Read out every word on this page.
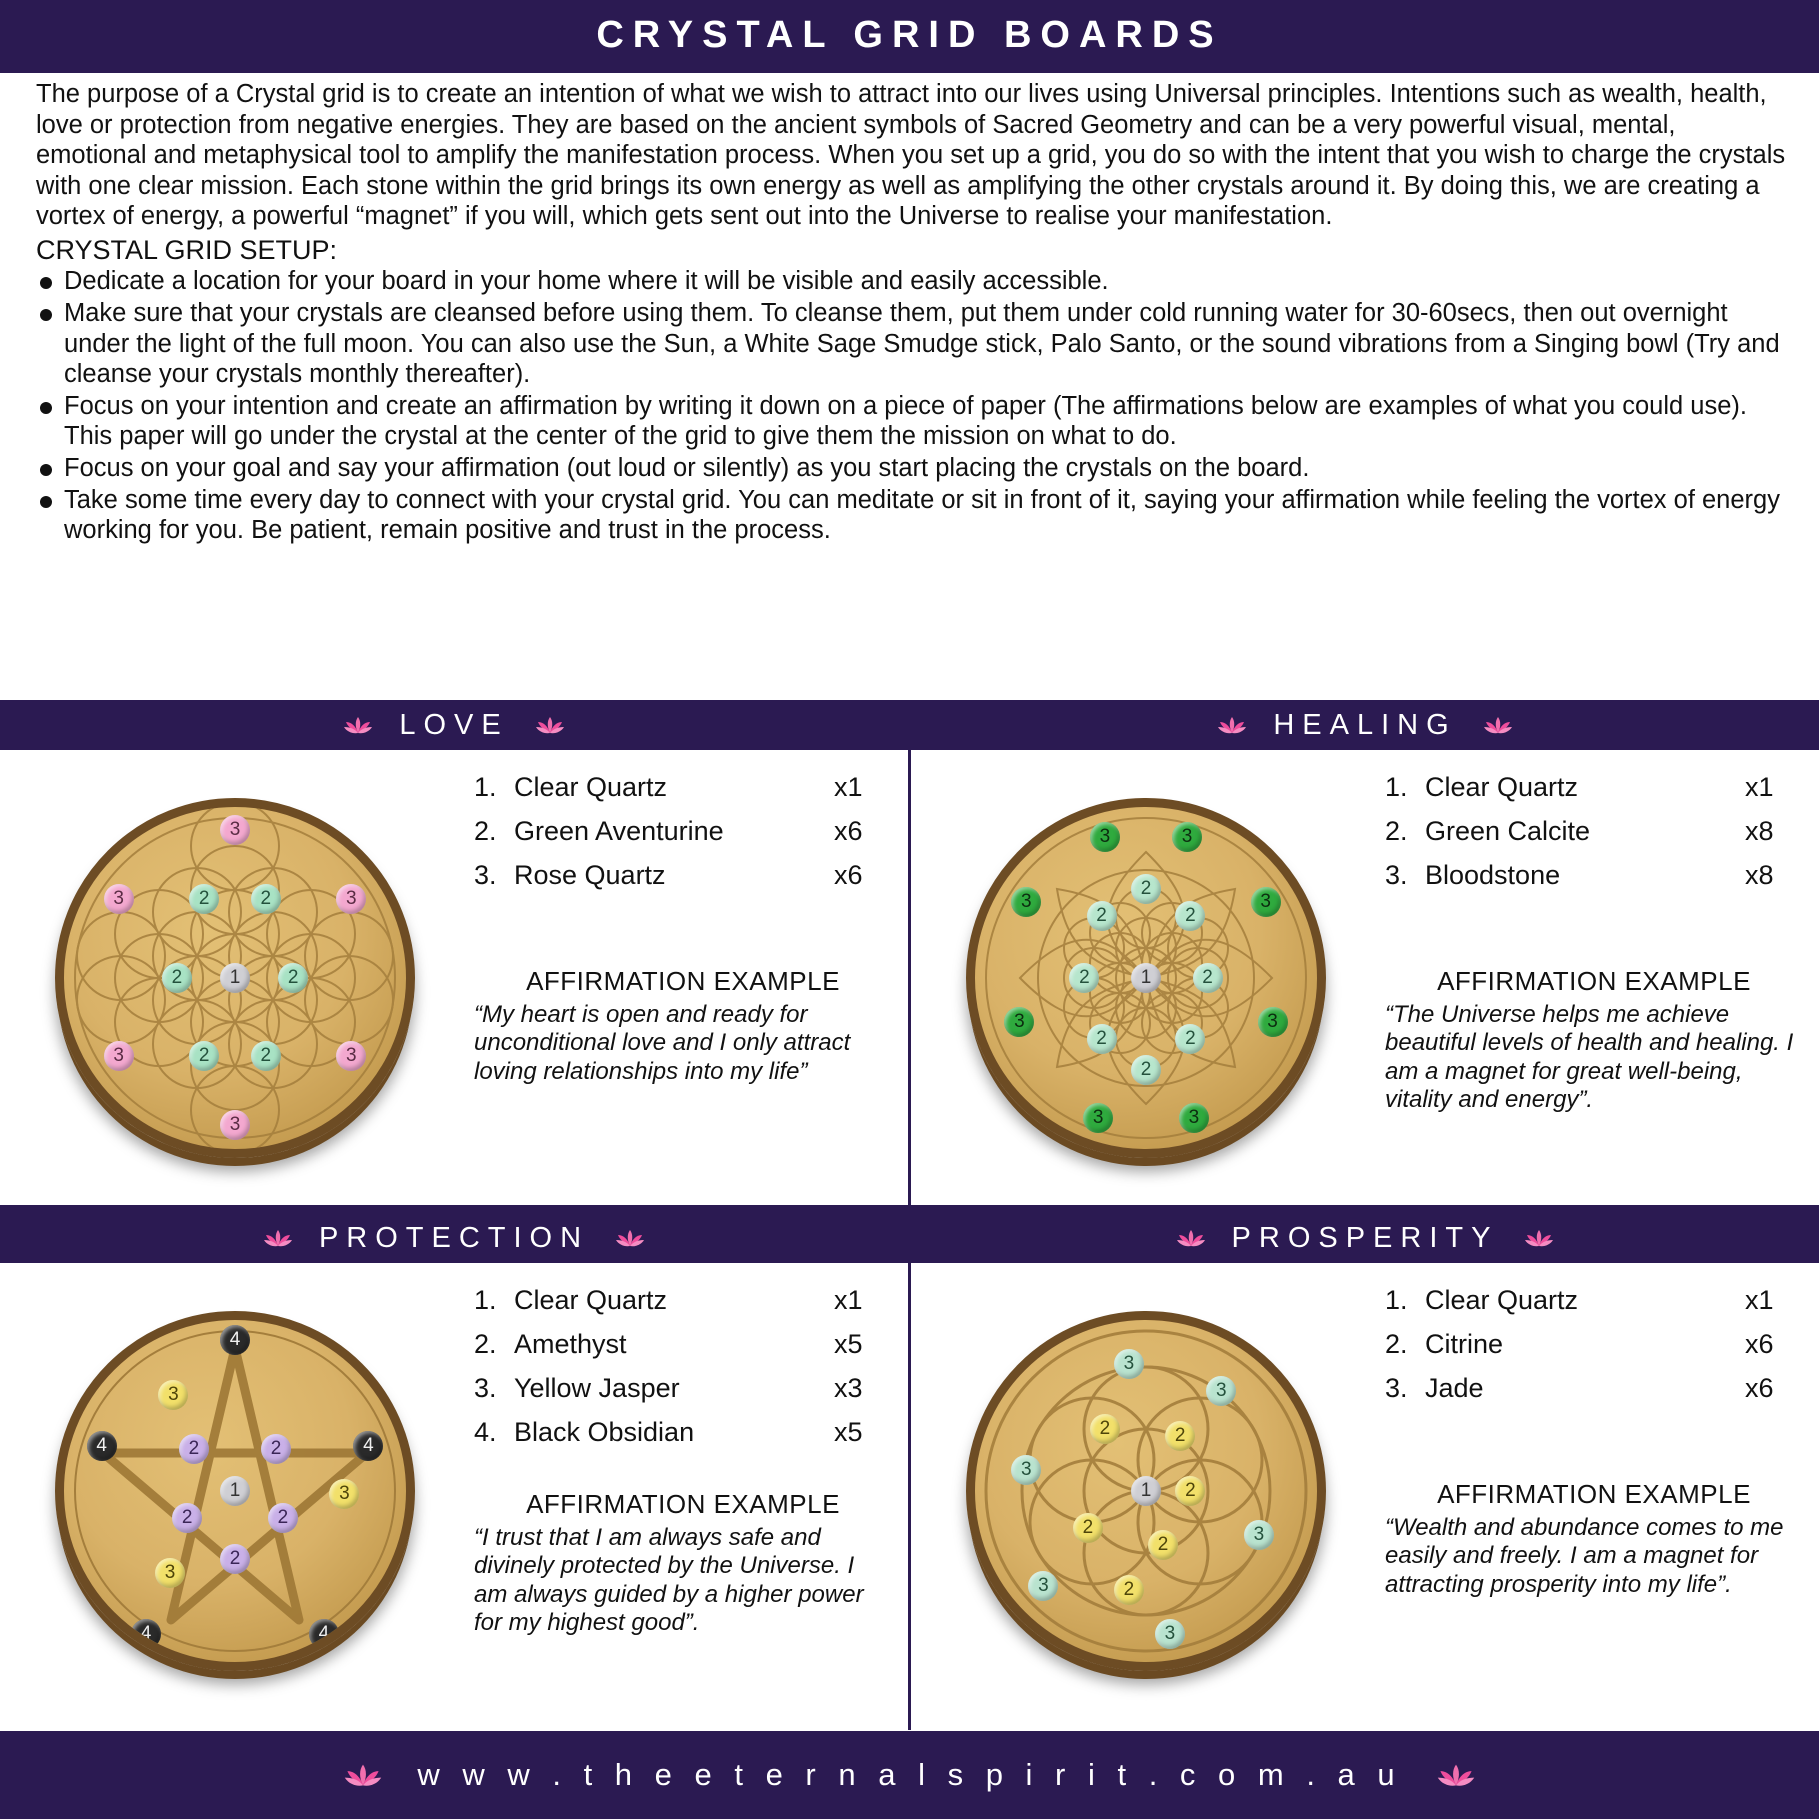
CRYSTAL GRID BOARDS

The purpose of a Crystal grid is to create an intention of what we wish to attract into our lives using Universal principles. Intentions such as wealth, health, love or protection from negative energies. They are based on the ancient symbols of Sacred Geometry and can be a very powerful visual, mental, emotional and metaphysical tool to amplify the manifestation process. When you set up a grid, you do so with the intent that you wish to charge the crystals with one clear mission. Each stone within the grid brings its own energy as well as amplifying the other crystals around it. By doing this, we are creating a vortex of energy, a powerful “magnet” if you will, which gets sent out into the Universe to realise your manifestation.

CRYSTAL GRID SETUP:
Dedicate a location for your board in your home where it will be visible and easily accessible.
Make sure that your crystals are cleansed before using them. To cleanse them, put them under cold running water for 30-60secs, then out overnight under the light of the full moon. You can also use the Sun, a White Sage Smudge stick, Palo Santo, or the sound vibrations from a Singing bowl (Try and cleanse your crystals monthly thereafter).
Focus on your intention and create an affirmation by writing it down on a piece of paper (The affirmations below are examples of what you could use). This paper will go under the crystal at the center of the grid to give them the mission on what to do.
Focus on your goal and say your affirmation (out loud or silently) as you start placing the crystals on the board.
Take some time every day to connect with your crystal grid. You can meditate or sit in front of it, saying your affirmation while feeling the vortex of energy working for you. Be patient, remain positive and trust in the process.
LOVE
1
2	2
2	2
2	2
3
3
3	3
3	3
1. Clear Quartz	x1
2. Green Aventurine	x6
3. Rose Quartz	x6
AFFIRMATION EXAMPLE
“My heart is open and ready for unconditional love and I only attract loving relationships into my life”
HEALING
1
2	2
2	2
2	2
2
2
3	3
3	3
3	3
3	3
1. Clear Quartz	x1
2. Green Calcite	x8
3. Bloodstone	x8
AFFIRMATION EXAMPLE
“The Universe helps me achieve beautiful levels of health and healing. I am a magnet for great well-being, vitality and energy”.
PROTECTION
1
2	2
2	2
2
3
3
3
4
4	4
4	4
1. Clear Quartz	x1
2. Amethyst	x5
3. Yellow Jasper	x3
4. Black Obsidian	x5
AFFIRMATION EXAMPLE
“I trust that I am always safe and divinely protected by the Universe. I am always guided by a higher power for my highest good”.
PROSPERITY
1
2	2
2
2
2
2
3
3
3
3
3
3
1. Clear Quartz	x1
2. Citrine	x6
3. Jade	x6
AFFIRMATION EXAMPLE
“Wealth and abundance comes to me easily and freely. I am a magnet for attracting prosperity into my life”.
w w w . t h e e t e r n a l s p i r i t . c o m . a u
